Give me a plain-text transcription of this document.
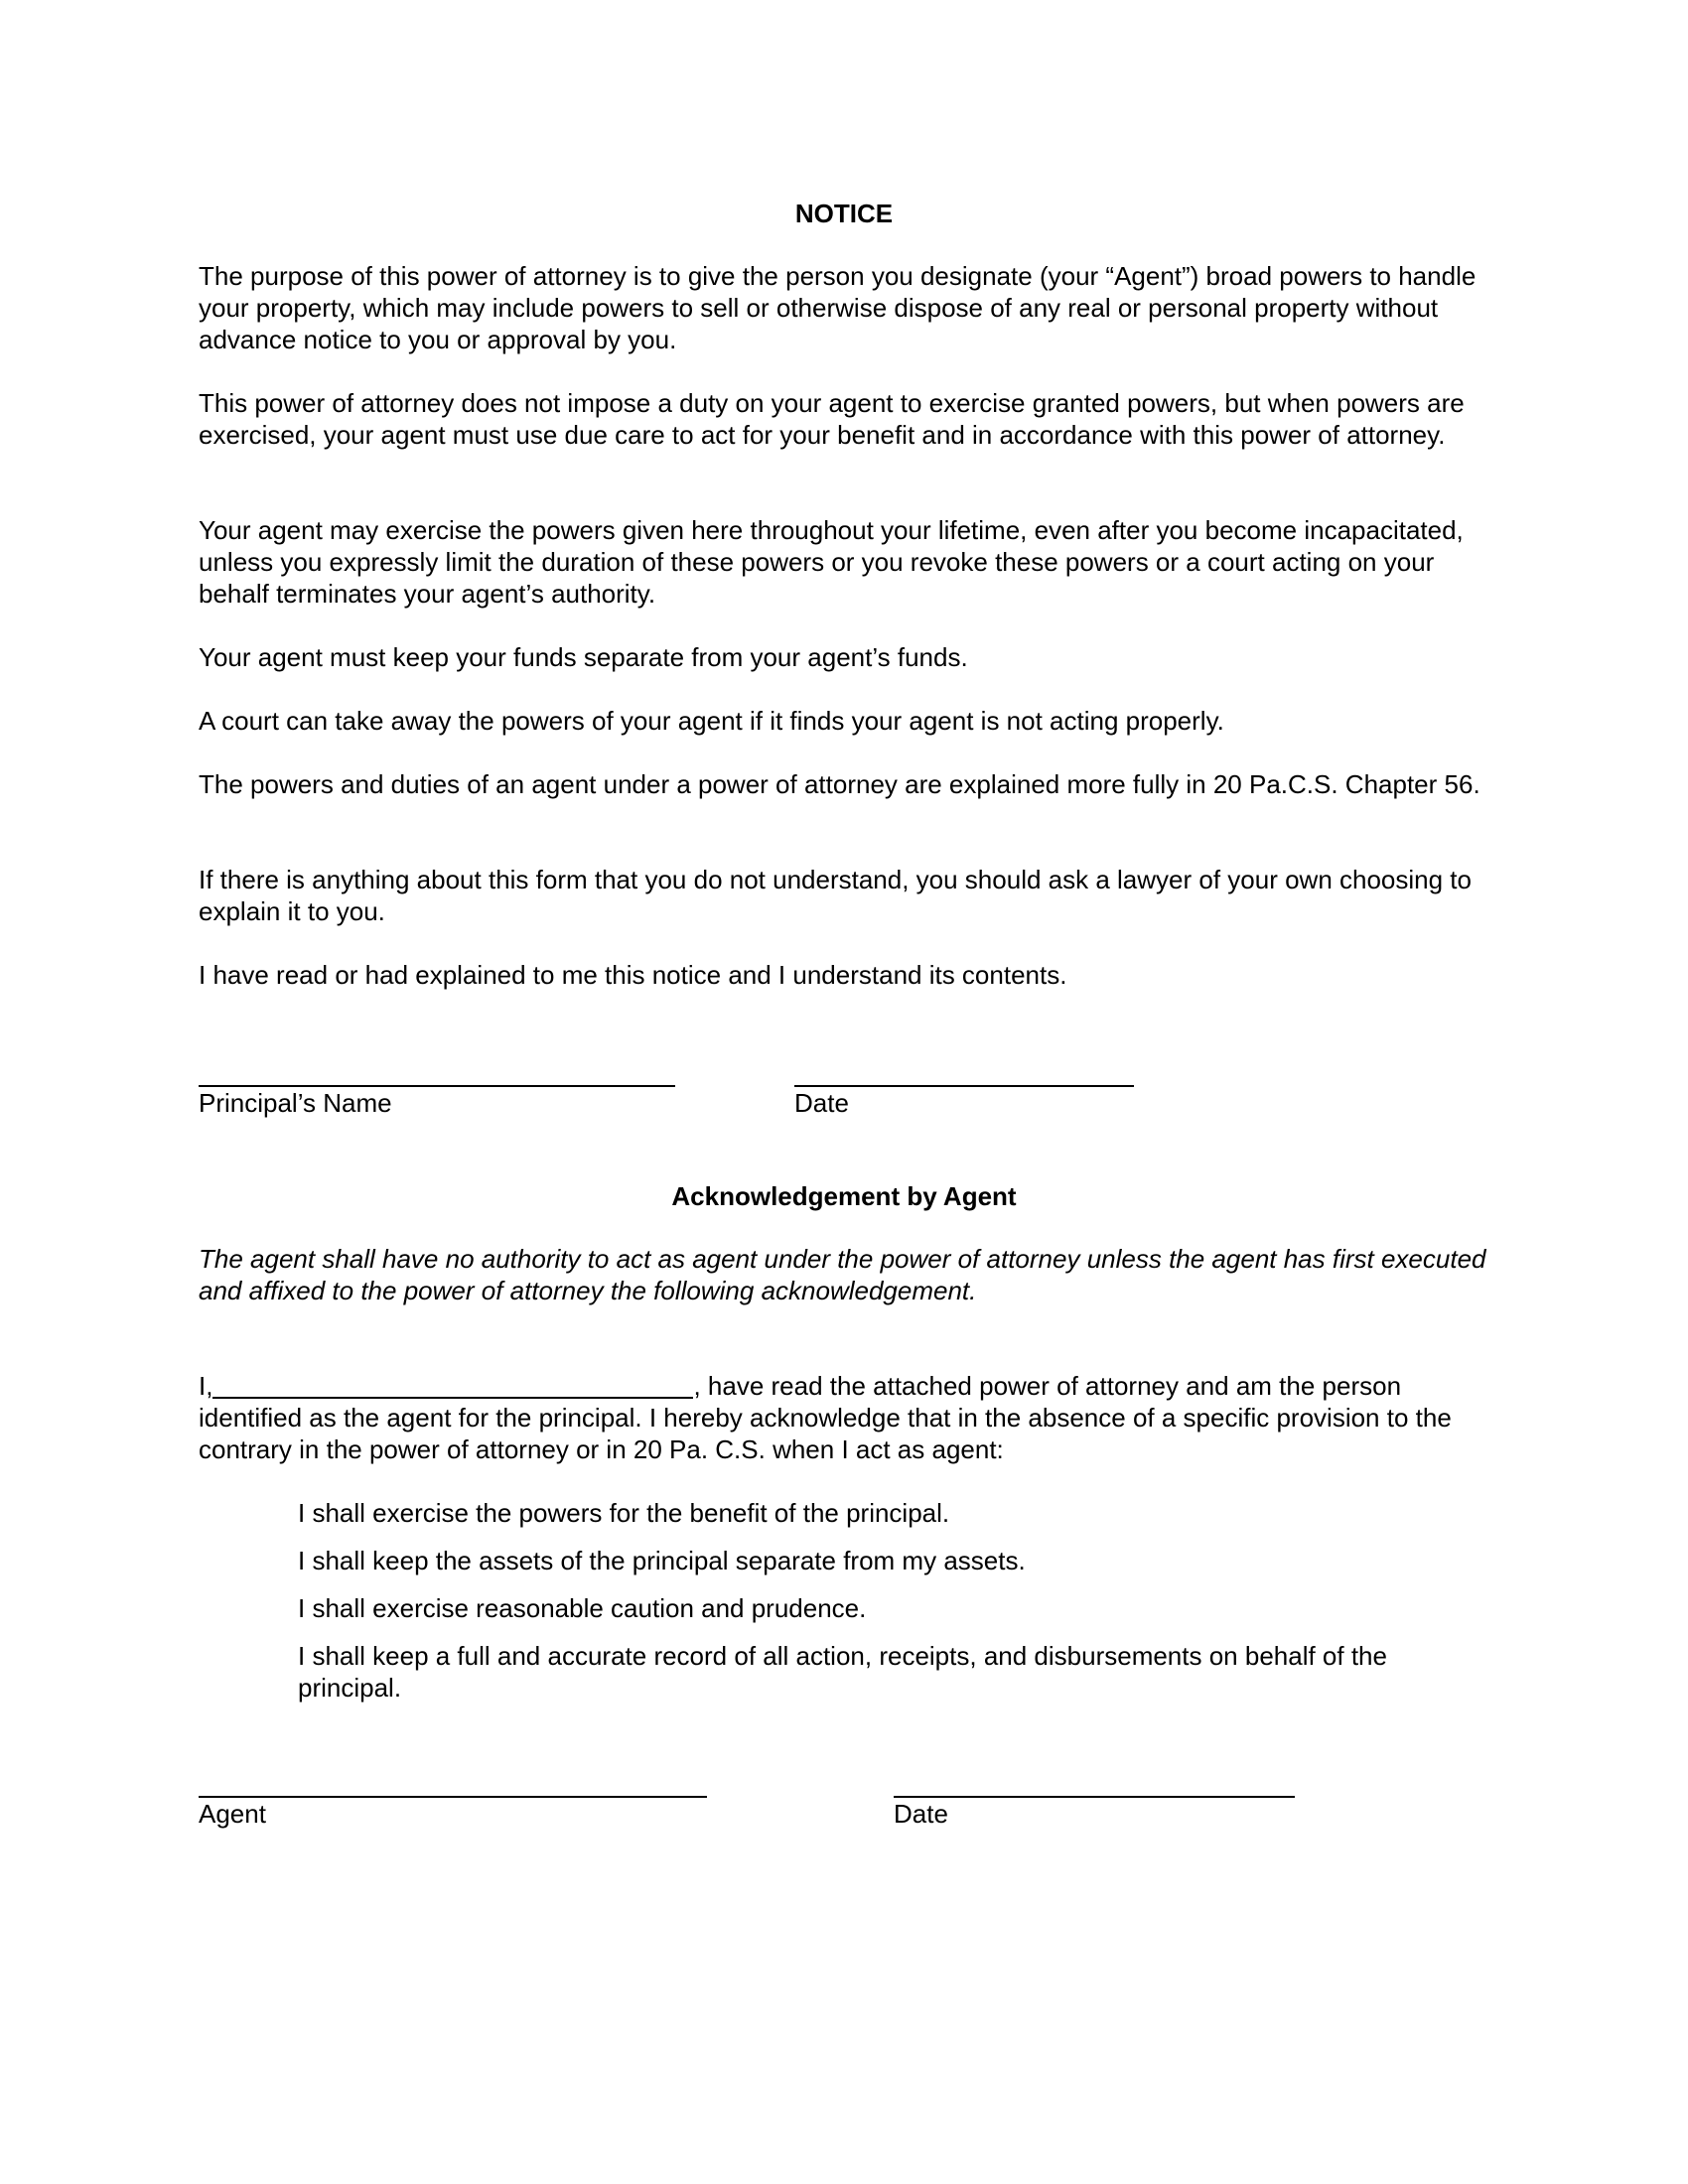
NOTICE
The purpose of this power of attorney is to give the person you designate (your “Agent”) broad powers to handle your property, which may include powers to sell or otherwise dispose of any real or personal property without advance notice to you or approval by you.
This power of attorney does not impose a duty on your agent to exercise granted powers, but when powers are exercised, your agent must use due care to act for your benefit and in accordance with this power of attorney.
Your agent may exercise the powers given here throughout your lifetime, even after you become incapacitated, unless you expressly limit the duration of these powers or you revoke these powers or a court acting on your behalf terminates your agent’s authority.
Your agent must keep your funds separate from your agent’s funds.
A court can take away the powers of your agent if it finds your agent is not acting properly.
The powers and duties of an agent under a power of attorney are explained more fully in 20 Pa.C.S. Chapter 56.
If there is anything about this form that you do not understand, you should ask a lawyer of your own choosing to explain it to you.
I have read or had explained to me this notice and I understand its contents.
Principal’s Name	Date
Acknowledgement by Agent
The agent shall have no authority to act as agent under the power of attorney unless the agent has first executed and affixed to the power of attorney the following acknowledgement.
I,	, have read the attached power of attorney and am the person identified as the agent for the principal. I hereby acknowledge that in the absence of a specific provision to the contrary in the power of attorney or in 20 Pa. C.S. when I act as agent:
I shall exercise the powers for the benefit of the principal.
I shall keep the assets of the principal separate from my assets.
I shall exercise reasonable caution and prudence.
I shall keep a full and accurate record of all action, receipts, and disbursements on behalf of the principal.
Agent	Date
